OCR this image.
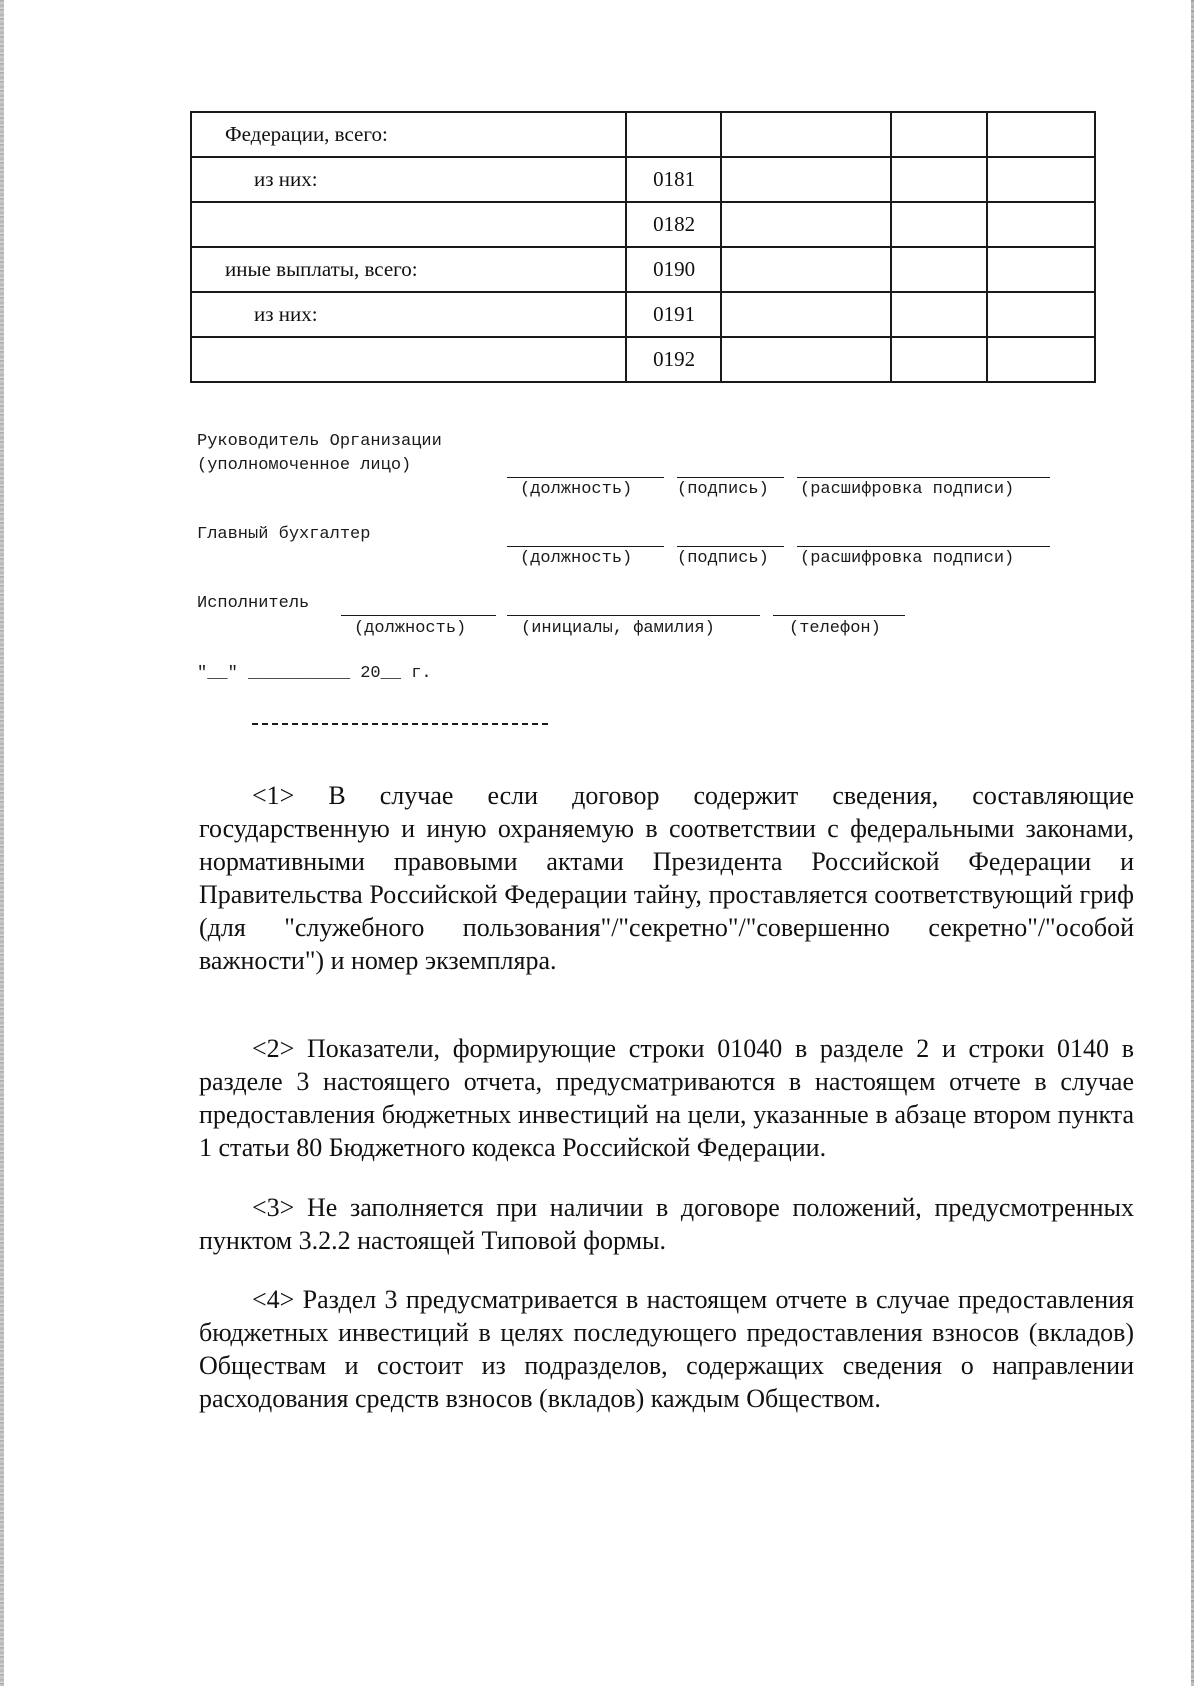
Федерации, всего:				
из них:	0181			
	0182			
иные выплаты, всего:	0190			
из них:	0191			
	0192			
Руководитель Организации
(уполномоченное лицо)
(должность)	(подпись) (расшифровка подписи)
Главный бухгалтер
(должность)	(подпись) (расшифровка подписи)
Исполнитель
(должность)	(инициалы, фамилия)	(телефон)
"__" __________ 20__ г.
<1> В случае если договор содержит сведения, составляющие государственную и иную охраняемую в соответствии с федеральными законами, нормативными правовыми актами Президента Российской Федерации и Правительства Российской Федерации тайну, проставляется соответствующий гриф (для "служебного пользования"/"секретно"/"совершенно секретно"/"особой важности") и номер экземпляра.
<2> Показатели, формирующие строки 01040 в разделе 2 и строки 0140 в разделе 3 настоящего отчета, предусматриваются в настоящем отчете в случае предоставления бюджетных инвестиций на цели, указанные в абзаце втором пункта 1 статьи 80 Бюджетного кодекса Российской Федерации.
<3> Не заполняется при наличии в договоре положений, предусмотренных пунктом 3.2.2 настоящей Типовой формы.
<4> Раздел 3 предусматривается в настоящем отчете в случае предоставления бюджетных инвестиций в целях последующего предоставления взносов (вкладов) Обществам и состоит из подразделов, содержащих сведения о направлении расходования средств взносов (вкладов) каждым Обществом.
